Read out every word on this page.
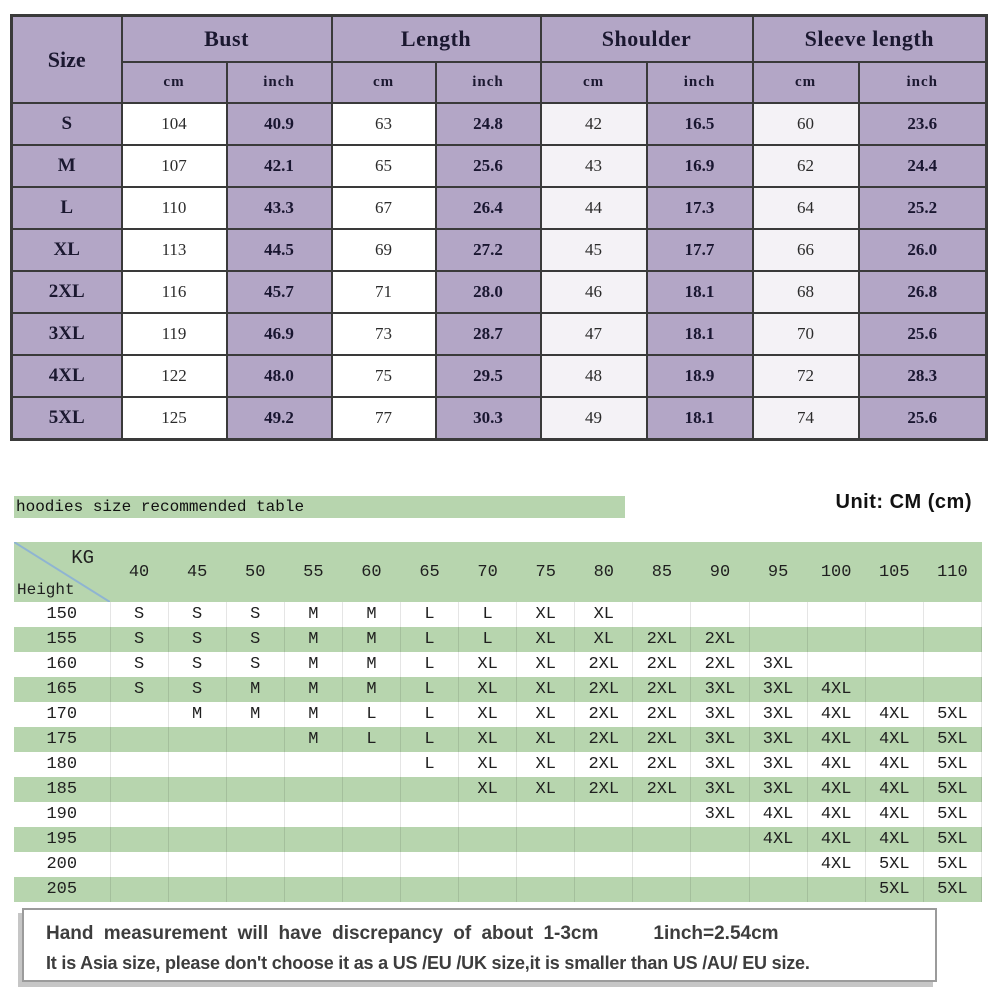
Size	Bust		Length		Shoulder		Sleeve length	
	cm	inch	cm	inch	cm	inch	cm	inch
S	104	40.9	63	24.8	42	16.5	60	23.6
M	107	42.1	65	25.6	43	16.9	62	24.4
L	110	43.3	67	26.4	44	17.3	64	25.2
XL	113	44.5	69	27.2	45	17.7	66	26.0
2XL	116	45.7	71	28.0	46	18.1	68	26.8
3XL	119	46.9	73	28.7	47	18.1	70	25.6
4XL	122	48.0	75	29.5	48	18.9	72	28.3
5XL	125	49.2	77	30.3	49	18.1	74	25.6
hoodies size recommended table	Unit: CM (cm)
KG
Height	40	45	50	55	60	65	70	75	80	85	90	95	100	105	110
150	S	S	S	M	M	L	L	XL	XL						
155	S	S	S	M	M	L	L	XL	XL	2XL	2XL				
160	S	S	S	M	M	L	XL	XL	2XL	2XL	2XL	3XL			
165	S	S	M	M	M	L	XL	XL	2XL	2XL	3XL	3XL	4XL		
170		M	M	M	L	L	XL	XL	2XL	2XL	3XL	3XL	4XL	4XL	5XL
175				M	L	L	XL	XL	2XL	2XL	3XL	3XL	4XL	4XL	5XL
180						L	XL	XL	2XL	2XL	3XL	3XL	4XL	4XL	5XL
185							XL	XL	2XL	2XL	3XL	3XL	4XL	4XL	5XL
190											3XL	4XL	4XL	4XL	5XL
195												4XL	4XL	4XL	5XL
200													4XL	5XL	5XL
205														5XL	5XL
Hand measurement will have discrepancy of about 1-3cm	1inch=2.54cm
It is Asia size, please don't choose it as a US /EU /UK size,it is smaller than US /AU/ EU size.
